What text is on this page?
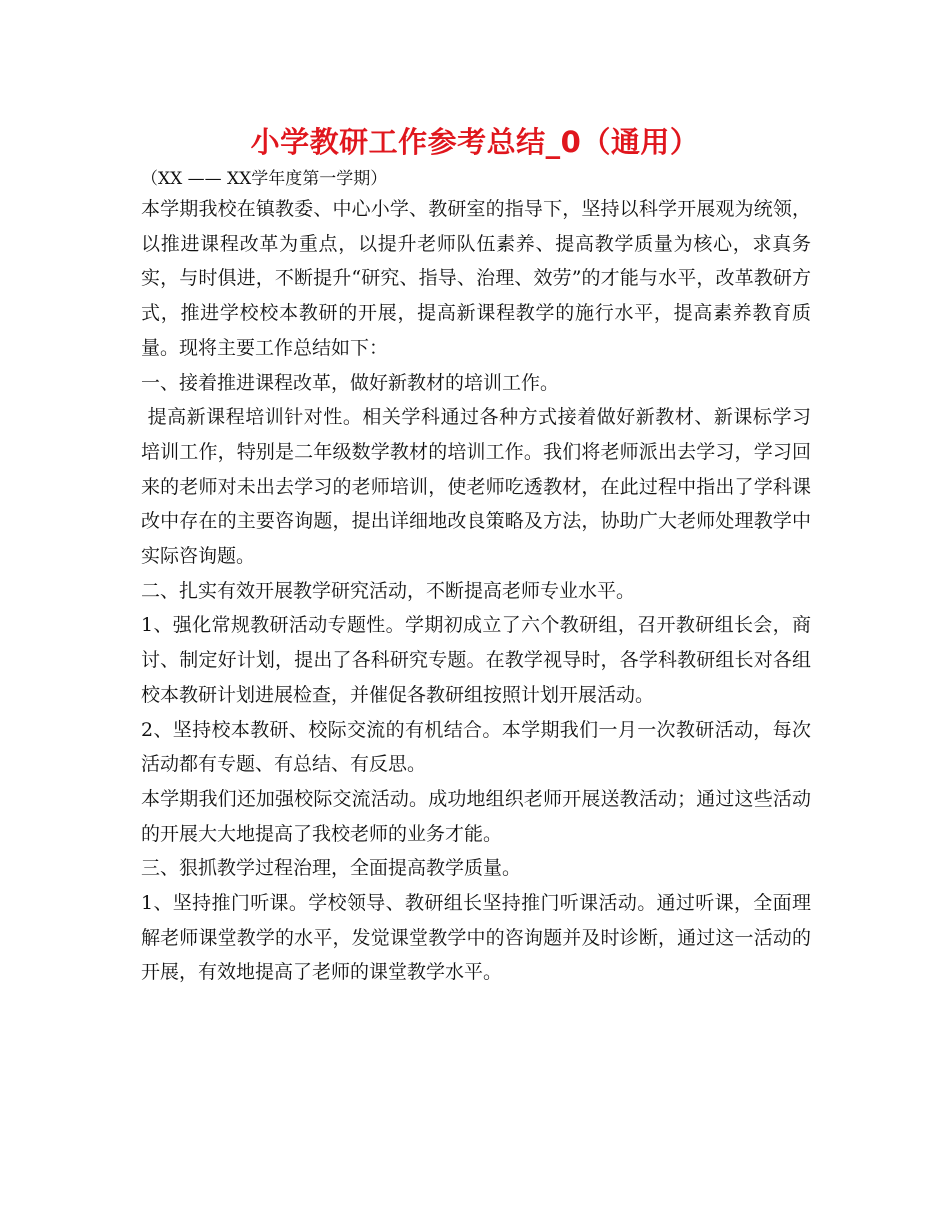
小学教研工作参考总结_0（通用）

（XX —— XX学年度第一学期）

本学期我校在镇教委、中心小学、教研室的指导下，坚持以科学开展观为统领，以推进课程改革为重点，以提升老师队伍素养、提高教学质量为核心，求真务实，与时俱进，不断提升“研究、指导、治理、效劳”的才能与水平，改革教研方式，推进学校校本教研的开展，提高新课程教学的施行水平，提高素养教育质量。现将主要工作总结如下：

一、接着推进课程改革，做好新教材的培训工作。

提高新课程培训针对性。相关学科通过各种方式接着做好新教材、新课标学习培训工作，特别是二年级数学教材的培训工作。我们将老师派出去学习，学习回来的老师对未出去学习的老师培训，使老师吃透教材，在此过程中指出了学科课改中存在的主要咨询题，提出详细地改良策略及方法，协助广大老师处理教学中实际咨询题。

二、扎实有效开展教学研究活动，不断提高老师专业水平。

1、强化常规教研活动专题性。学期初成立了六个教研组，召开教研组长会，商讨、制定好计划，提出了各科研究专题。在教学视导时，各学科教研组长对各组校本教研计划进展检查，并催促各教研组按照计划开展活动。

2、坚持校本教研、校际交流的有机结合。本学期我们一月一次教研活动，每次活动都有专题、有总结、有反思。

本学期我们还加强校际交流活动。成功地组织老师开展送教活动；通过这些活动的开展大大地提高了我校老师的业务才能。

三、狠抓教学过程治理，全面提高教学质量。

1、坚持推门听课。学校领导、教研组长坚持推门听课活动。通过听课，全面理解老师课堂教学的水平，发觉课堂教学中的咨询题并及时诊断，通过这一活动的开展，有效地提高了老师的课堂教学水平。
